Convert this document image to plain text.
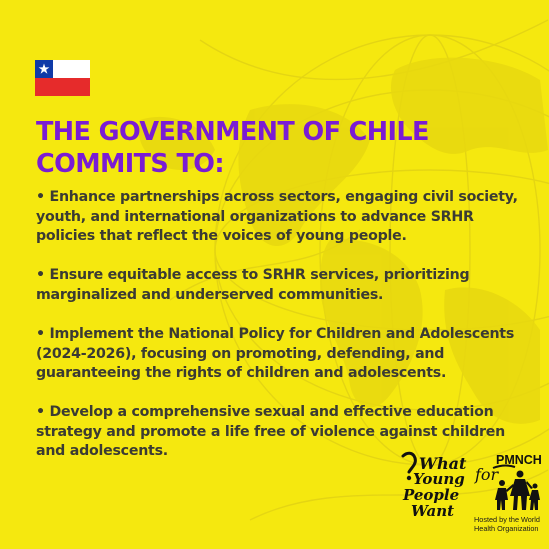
THE GOVERNMENT OF CHILE
COMMITS TO:
• Enhance partnerships across sectors, engaging civil society, youth, and international organizations to advance SRHR policies that reflect the voices of young people.
• Ensure equitable access to SRHR services, prioritizing marginalized and underserved communities.
• Implement the National Policy for Children and Adolescents (2024-2026), focusing on promoting, defending, and guaranteeing the rights of children and adolescents.
• Develop a comprehensive sexual and effective education strategy and promote a life free of violence against children and adolescents.
What
Young
People
Want
for
PMNCH
Hosted by the World
Health Organization
